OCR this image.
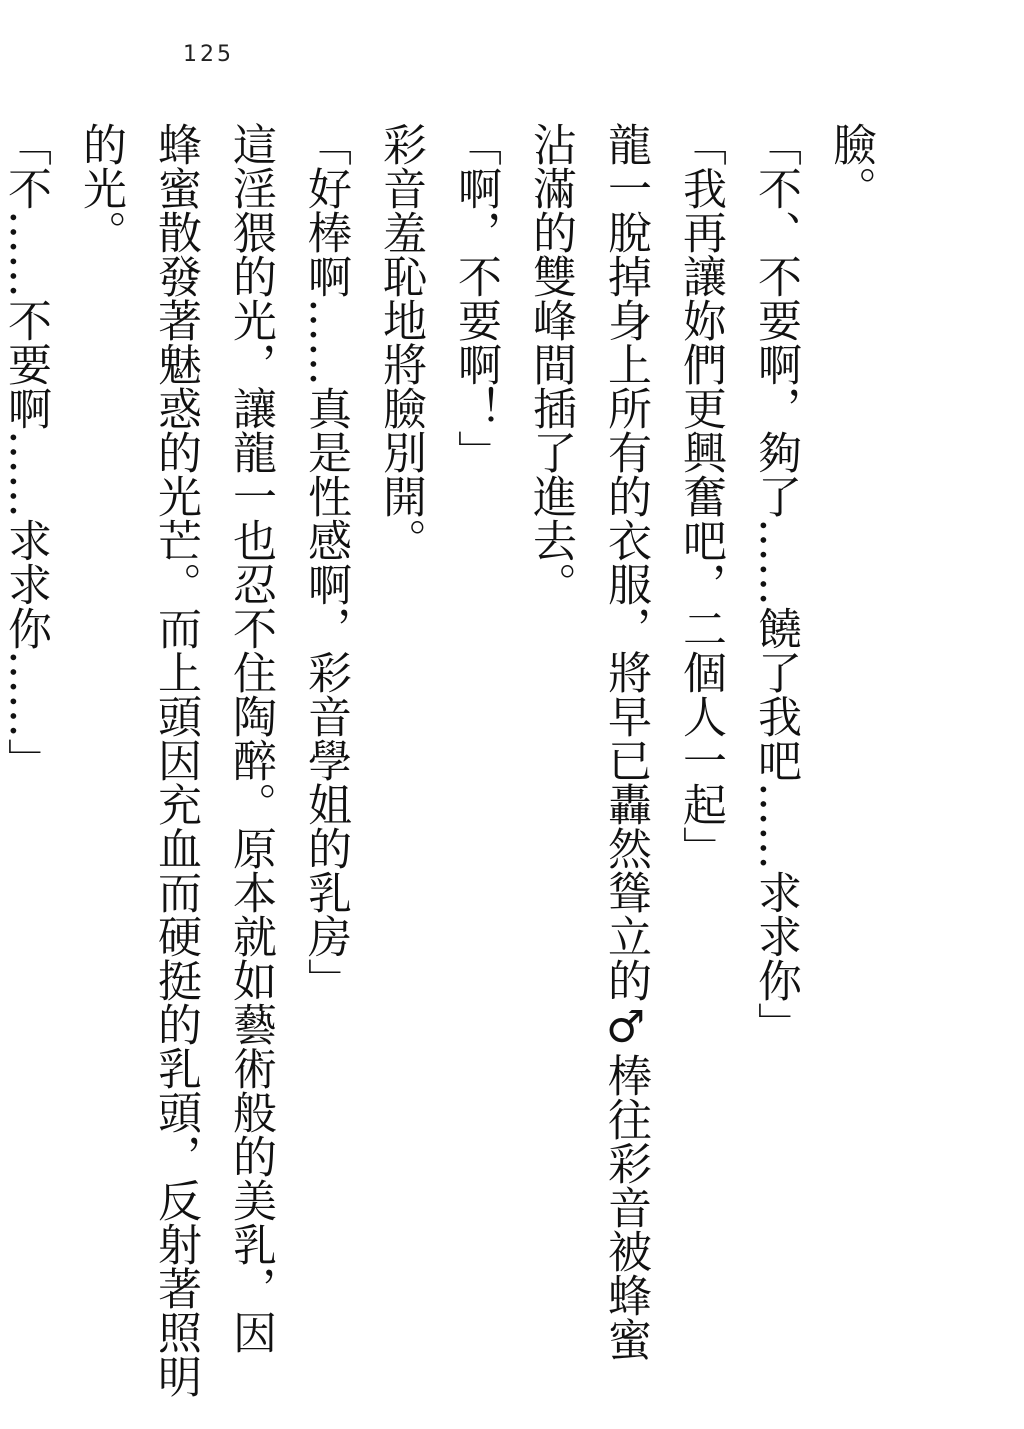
125
臉。
「不、不要啊，夠了……饒了我吧……求求你」
「我再讓妳們更興奮吧，二個人一起」
龍一脫掉身上所有的衣服，將早已轟然聳立的♂棒往彩音被蜂蜜
沾滿的雙峰間插了進去。
「啊，不要啊！」
彩音羞恥地將臉別開。
「好棒啊……真是性感啊，彩音學姐的乳房」
這淫猥的光，讓龍一也忍不住陶醉。原本就如藝術般的美乳，因
蜂蜜散發著魅惑的光芒。而上頭因充血而硬挺的乳頭，反射著照明
的光。
「不……不要啊……求求你……」
